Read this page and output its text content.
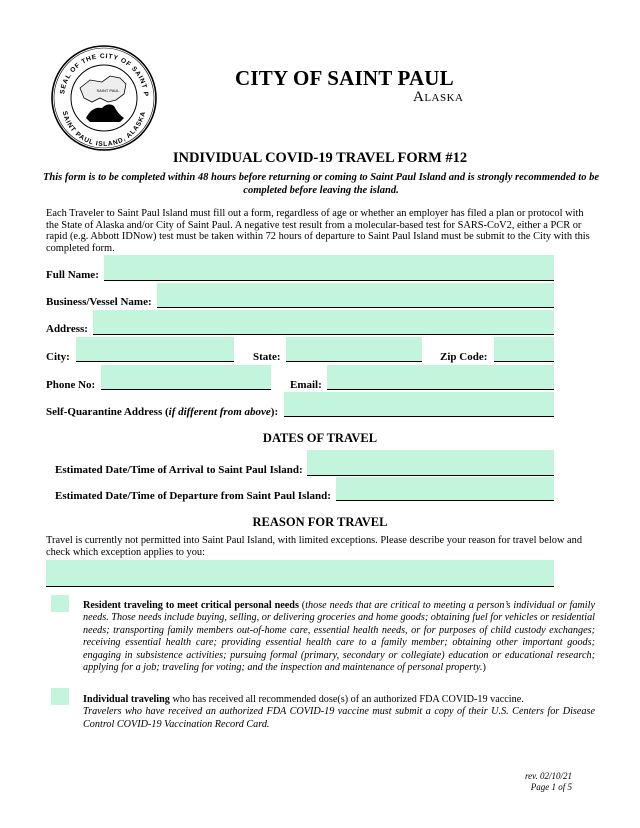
SEAL OF THE CITY OF SAINT P
SAINT PAUL ISLAND, ALASKA
SAINT PAUL
CITY OF SAINT PAUL
Alaska
INDIVIDUAL COVID-19 TRAVEL FORM #12
This form is to be completed within 48 hours before returning or coming to Saint Paul Island and is strongly recommended to be completed before leaving the island.
Each Traveler to Saint Paul Island must fill out a form, regardless of age or whether an employer has filed a plan or protocol with the State of Alaska and/or City of Saint Paul. A negative test result from a molecular-based test for SARS-CoV2, either a PCR or rapid (e.g. Abbott IDNow) test must be taken within 72 hours of departure to Saint Paul Island must be submit to the City with this completed form.
Full Name:
Business/Vessel Name:
Address:
City:	State:	Zip Code:
Phone No:	Email:
Self-Quarantine Address (if different from above):
DATES OF TRAVEL
Estimated Date/Time of Arrival to Saint Paul Island:
Estimated Date/Time of Departure from Saint Paul Island:
REASON FOR TRAVEL
Travel is currently not permitted into Saint Paul Island, with limited exceptions. Please describe your reason for travel below and check which exception applies to you:
Resident traveling to meet critical personal needs (those needs that are critical to meeting a person’s individual or family needs. Those needs include buying, selling, or delivering groceries and home goods; obtaining fuel for vehicles or residential needs; transporting family members out-of-home care, essential health needs, or for purposes of child custody exchanges; receiving essential health care; providing essential health care to a family member; obtaining other important goods; engaging in subsistence activities; pursuing formal (primary, secondary or collegiate) education or educational research; applying for a job; traveling for voting; and the inspection and maintenance of personal property.)
Individual traveling who has received all recommended dose(s) of an authorized FDA COVID-19 vaccine.
Travelers who have received an authorized FDA COVID-19 vaccine must submit a copy of their U.S. Centers for Disease Control COVID-19 Vaccination Record Card.
rev. 02/10/21
Page 1 of 5
